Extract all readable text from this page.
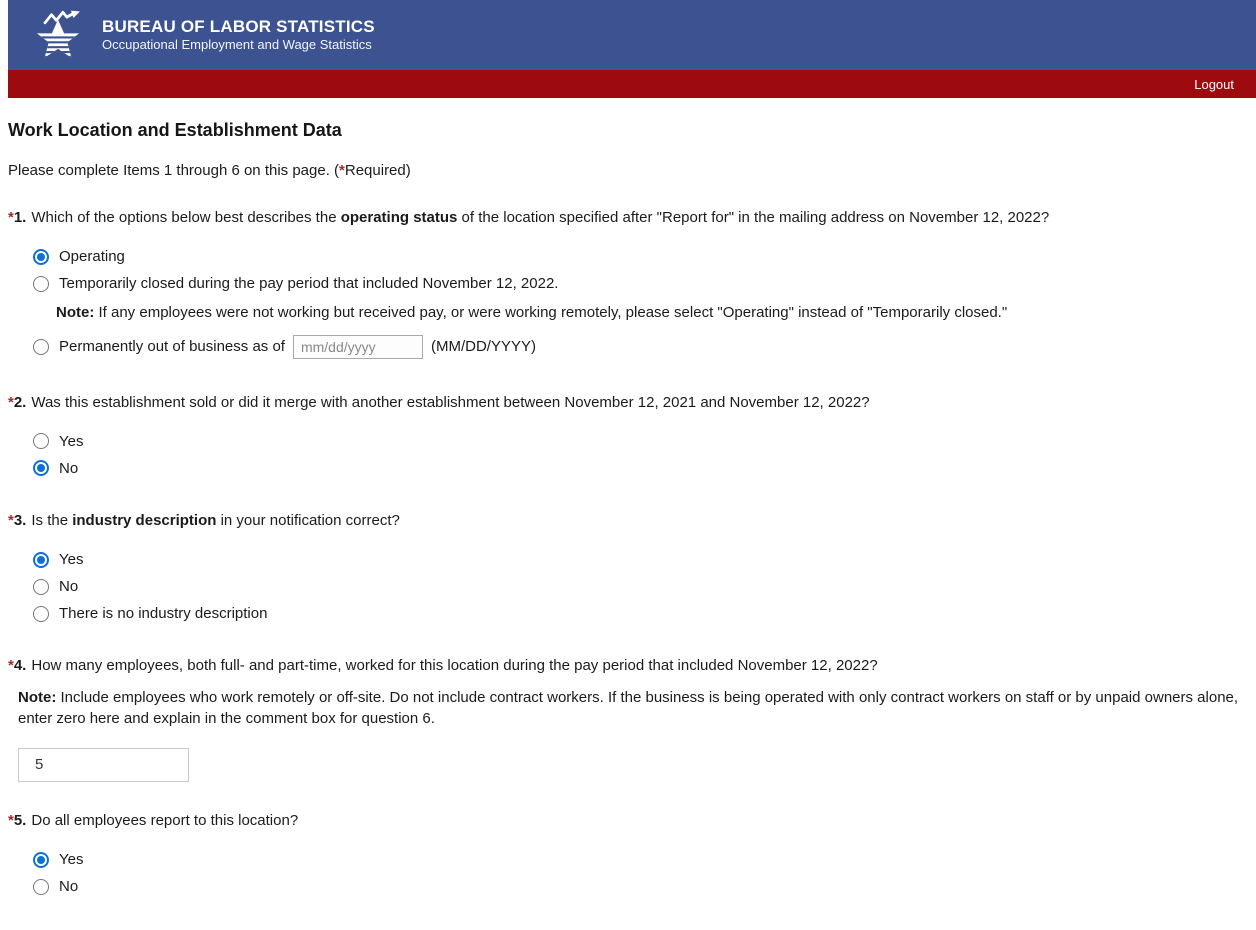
BUREAU OF LABOR STATISTICS
Occupational Employment and Wage Statistics
Logout
Work Location and Establishment Data

Please complete Items 1 through 6 on this page. (*Required)

*1. Which of the options below best describes the operating status of the location specified after "Report for" in the mailing address on November 12, 2022?

Operating
Temporarily closed during the pay period that included November 12, 2022.

Note: If any employees were not working but received pay, or were working remotely, please select "Operating" instead of "Temporarily closed."

Permanently out of business as of
mm/dd/yyyy	(MM/DD/YYYY)

*2. Was this establishment sold or did it merge with another establishment between November 12, 2021 and November 12, 2022?

Yes
No

*3. Is the industry description in your notification correct?

Yes
No
There is no industry description

*4. How many employees, both full- and part-time, worked for this location during the pay period that included November 12, 2022?

Note: Include employees who work remotely or off-site. Do not include contract workers. If the business is being operated with only contract workers on staff or by unpaid owners alone, enter zero here and explain in the comment box for question 6.

5

*5. Do all employees report to this location?

Yes
No
